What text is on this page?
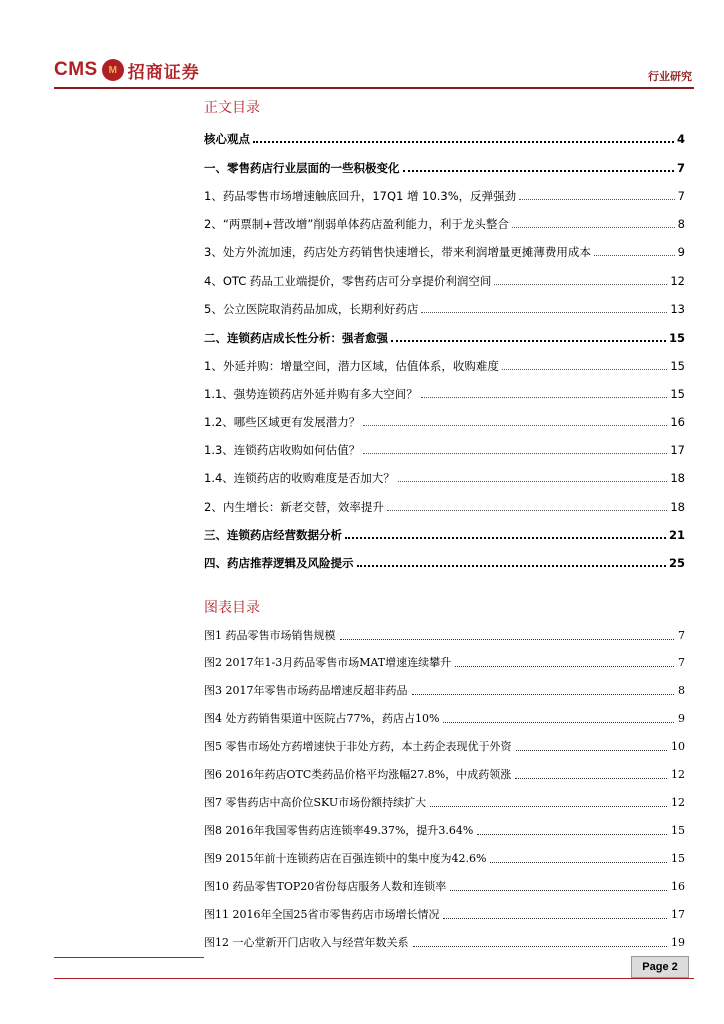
CMS M 招商证券	行业研究
正文目录
核心观点	4
一、零售药店行业层面的一些积极变化	7
1、药品零售市场增速触底回升，17Q1 增 10.3%，反弹强劲	7
2、“两票制+营改增”削弱单体药店盈利能力，利于龙头整合	8
3、处方外流加速，药店处方药销售快速增长，带来利润增量更摊薄费用成本	9
4、OTC 药品工业端提价，零售药店可分享提价利润空间	12
5、公立医院取消药品加成，长期利好药店	13
二、连锁药店成长性分析：强者愈强	15
1、外延并购：增量空间，潜力区域，估值体系，收购难度	15
1.1、强势连锁药店外延并购有多大空间？	15
1.2、哪些区域更有发展潜力？	16
1.3、连锁药店收购如何估值？	17
1.4、连锁药店的收购难度是否加大？	18
2、内生增长：新老交替，效率提升	18
三、连锁药店经营数据分析	21
四、药店推荐逻辑及风险提示	25
图表目录
图1 药品零售市场销售规模	7
图2 2017年1-3月药品零售市场MAT增速连续攀升	7
图3 2017年零售市场药品增速反超非药品	8
图4 处方药销售渠道中医院占77%，药店占10%	9
图5 零售市场处方药增速快于非处方药，本土药企表现优于外资	10
图6 2016年药店OTC类药品价格平均涨幅27.8%，中成药领涨	12
图7 零售药店中高价位SKU市场份额持续扩大	12
图8 2016年我国零售药店连锁率49.37%，提升3.64%	15
图9 2015年前十连锁药店在百强连锁中的集中度为42.6%	15
图10 药品零售TOP20省份每店服务人数和连锁率	16
图11 2016年全国25省市零售药店市场增长情况	17
图12 一心堂新开门店收入与经营年数关系	19
Page 2
